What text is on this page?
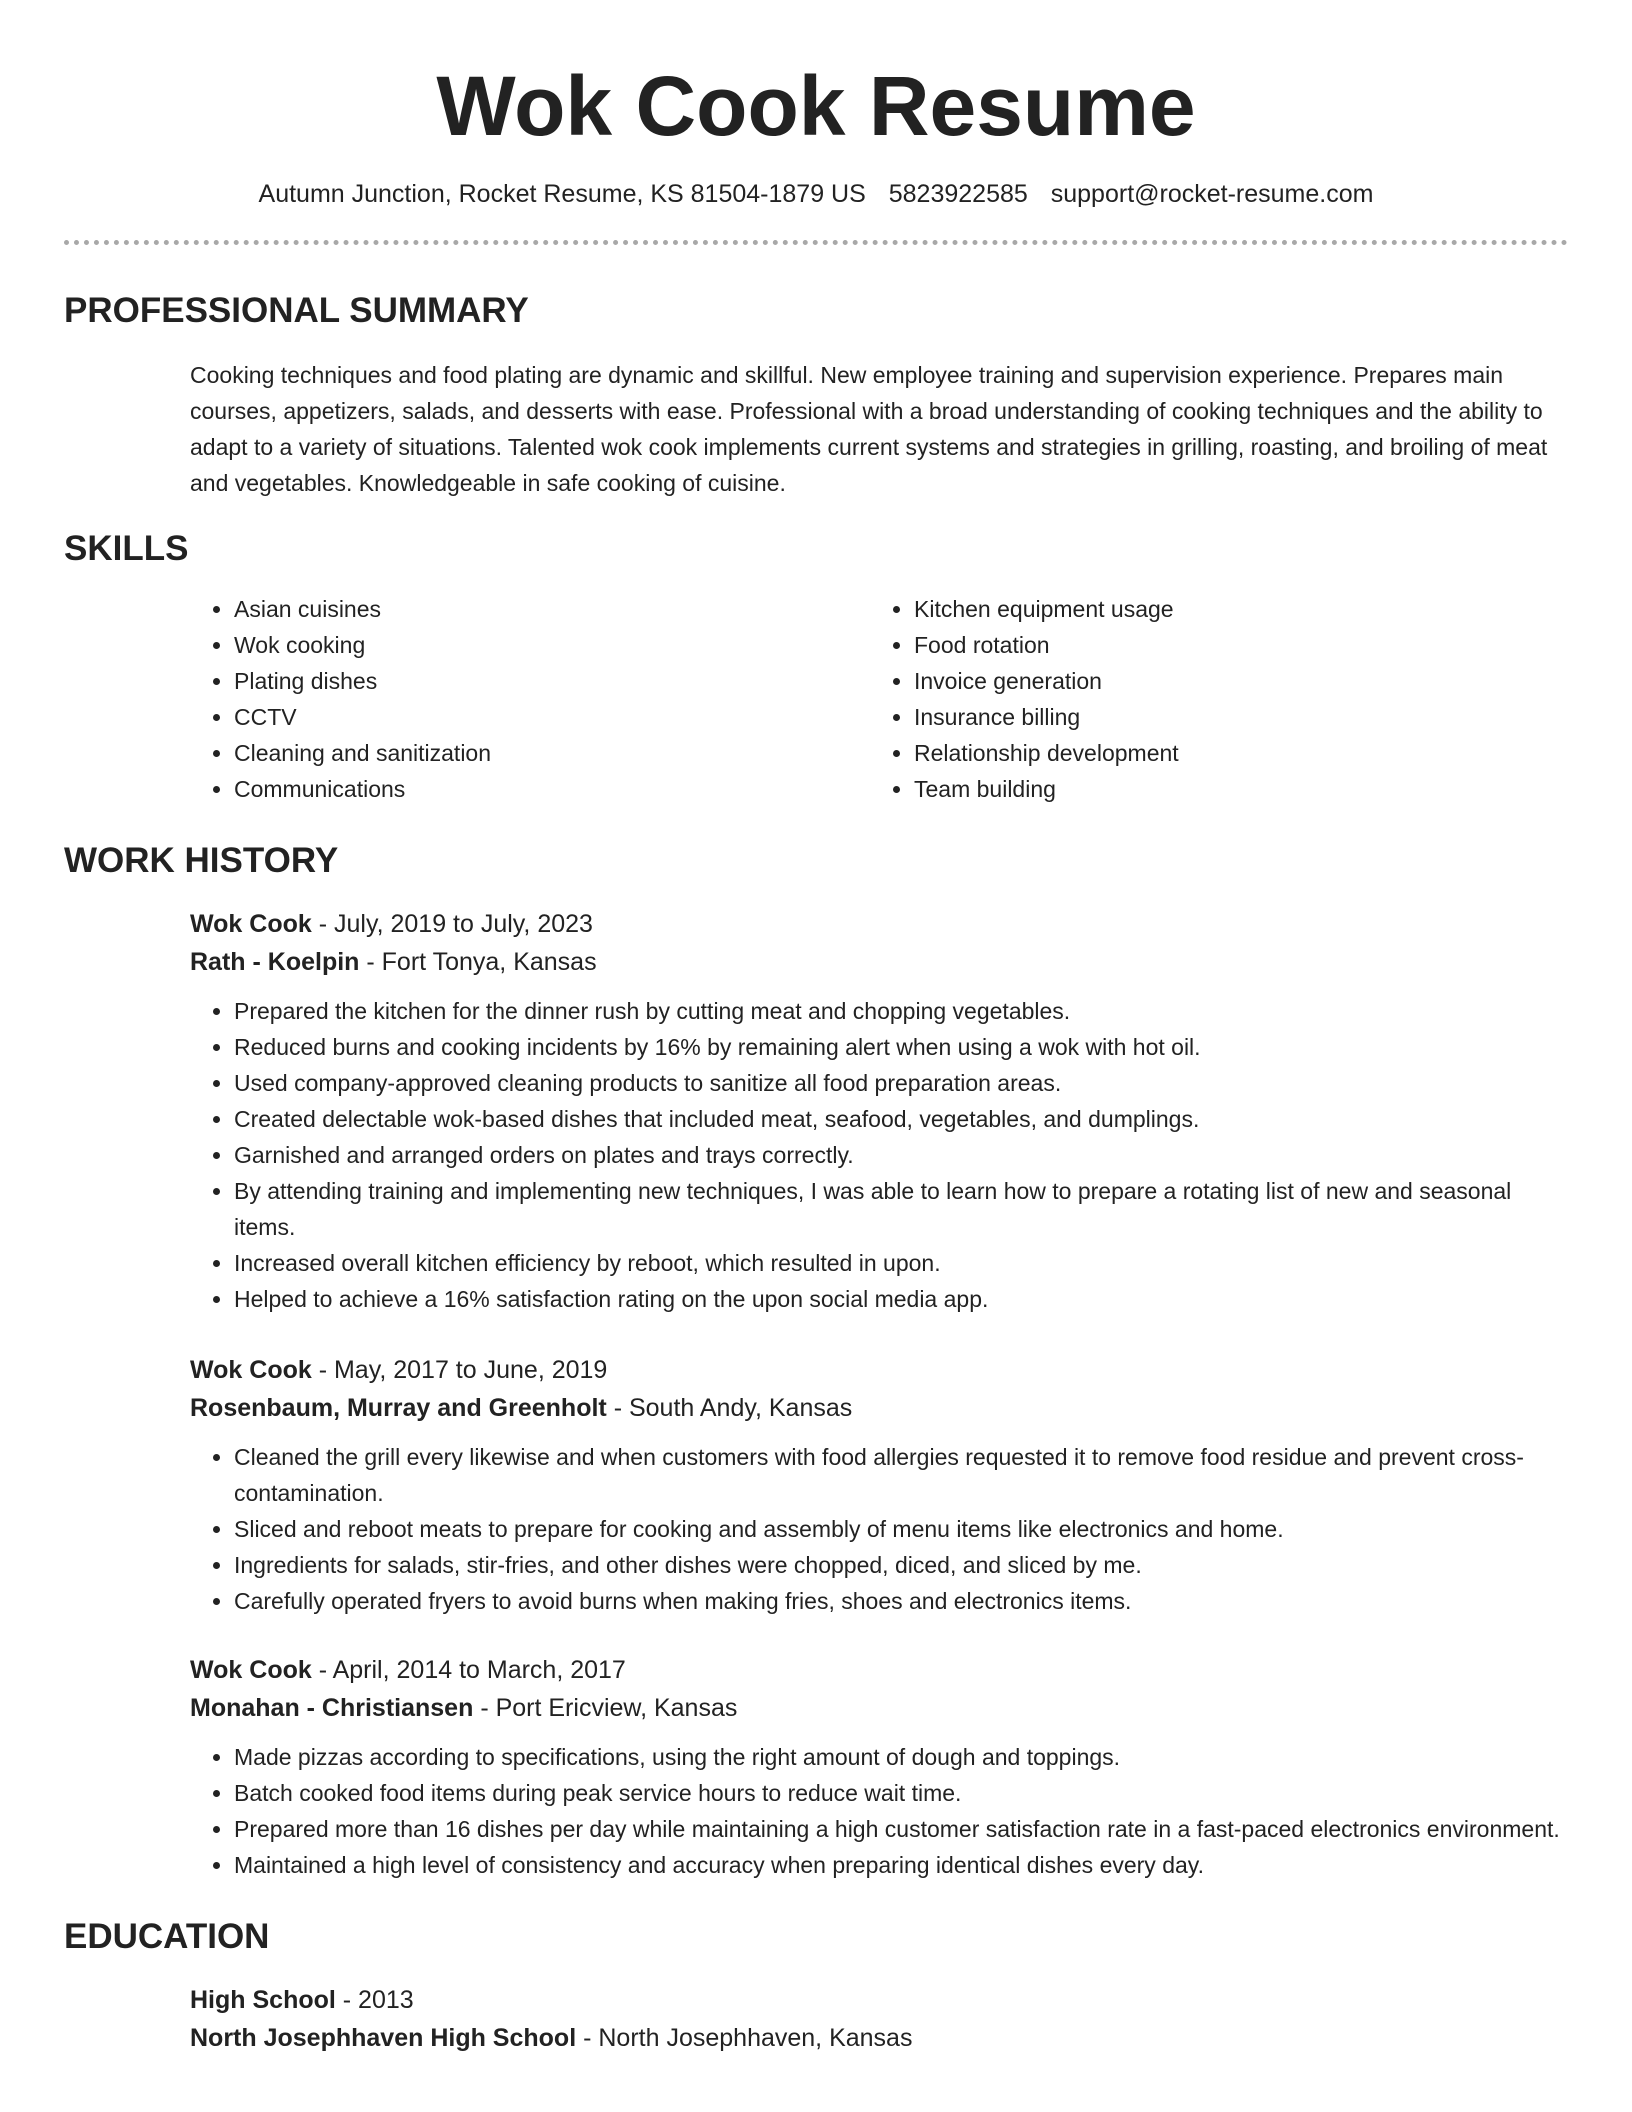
Wok Cook Resume
Autumn Junction, Rocket Resume, KS 81504-1879 US 5823922585 support@rocket-resume.com
PROFESSIONAL SUMMARY

Cooking techniques and food plating are dynamic and skillful. New employee training and supervision experience. Prepares main courses, appetizers, salads, and desserts with ease. Professional with a broad understanding of cooking techniques and the ability to adapt to a variety of situations. Talented wok cook implements current systems and strategies in grilling, roasting, and broiling of meat and vegetables. Knowledgeable in safe cooking of cuisine.

SKILLS
• Asian cuisines
• Wok cooking
• Plating dishes
• CCTV
• Cleaning and sanitization
• Communications
• Kitchen equipment usage
• Food rotation
• Invoice generation
• Insurance billing
• Relationship development
• Team building
WORK HISTORY
Wok Cook - July, 2019 to July, 2023
Rath - Koelpin - Fort Tonya, Kansas
• Prepared the kitchen for the dinner rush by cutting meat and chopping vegetables.
• Reduced burns and cooking incidents by 16% by remaining alert when using a wok with hot oil.
• Used company-approved cleaning products to sanitize all food preparation areas.
• Created delectable wok-based dishes that included meat, seafood, vegetables, and dumplings.
• Garnished and arranged orders on plates and trays correctly.
• By attending training and implementing new techniques, I was able to learn how to prepare a rotating list of new and seasonal items.
• Increased overall kitchen efficiency by reboot, which resulted in upon.
• Helped to achieve a 16% satisfaction rating on the upon social media app.
Wok Cook - May, 2017 to June, 2019
Rosenbaum, Murray and Greenholt - South Andy, Kansas
• Cleaned the grill every likewise and when customers with food allergies requested it to remove food residue and prevent cross-contamination.
• Sliced and reboot meats to prepare for cooking and assembly of menu items like electronics and home.
• Ingredients for salads, stir-fries, and other dishes were chopped, diced, and sliced by me.
• Carefully operated fryers to avoid burns when making fries, shoes and electronics items.
Wok Cook - April, 2014 to March, 2017
Monahan - Christiansen - Port Ericview, Kansas
• Made pizzas according to specifications, using the right amount of dough and toppings.
• Batch cooked food items during peak service hours to reduce wait time.
• Prepared more than 16 dishes per day while maintaining a high customer satisfaction rate in a fast-paced electronics environment.
• Maintained a high level of consistency and accuracy when preparing identical dishes every day.
EDUCATION
High School - 2013
North Josephhaven High School - North Josephhaven, Kansas
